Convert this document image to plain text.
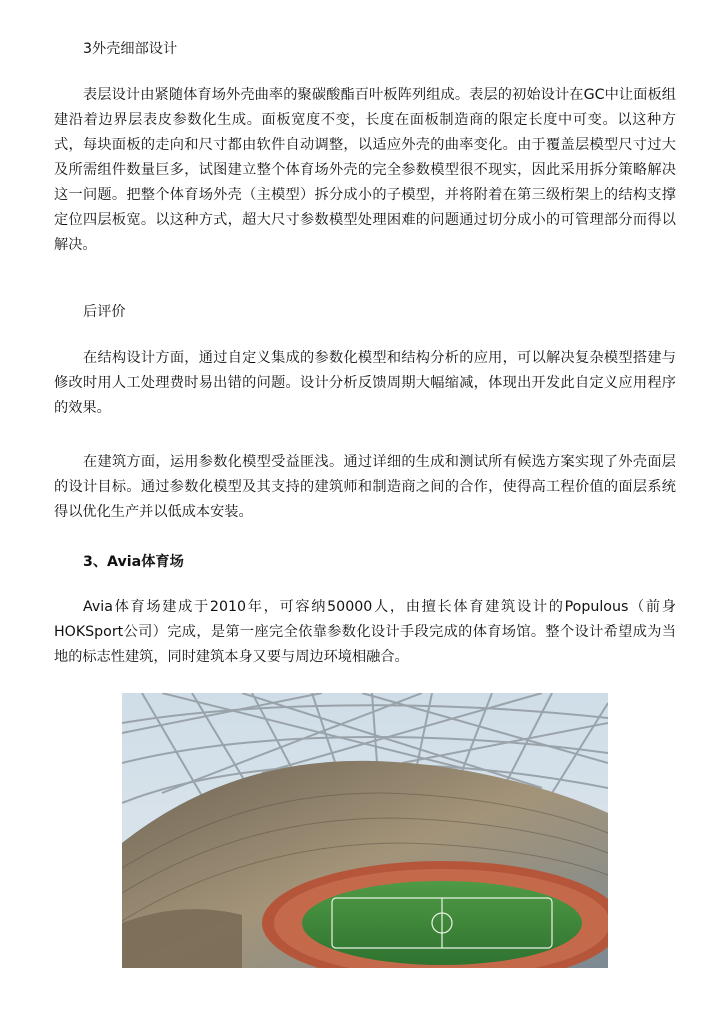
3外壳细部设计

表层设计由紧随体育场外壳曲率的聚碳酸酯百叶板阵列组成。表层的初始设计在GC中让面板组建沿着边界层表皮参数化生成。面板宽度不变，长度在面板制造商的限定长度中可变。以这种方式，每块面板的走向和尺寸都由软件自动调整，以适应外壳的曲率变化。由于覆盖层模型尺寸过大及所需组件数量巨多，试图建立整个体育场外壳的完全参数模型很不现实，因此采用拆分策略解决这一问题。把整个体育场外壳（主模型）拆分成小的子模型，并将附着在第三级桁架上的结构支撑定位四层板宽。以这种方式，超大尺寸参数模型处理困难的问题通过切分成小的可管理部分而得以解决。

后评价

在结构设计方面，通过自定义集成的参数化模型和结构分析的应用，可以解决复杂模型搭建与修改时用人工处理费时易出错的问题。设计分析反馈周期大幅缩减，体现出开发此自定义应用程序的效果。

在建筑方面，运用参数化模型受益匪浅。通过详细的生成和测试所有候选方案实现了外壳面层的设计目标。通过参数化模型及其支持的建筑师和制造商之间的合作，使得高工程价值的面层系统得以优化生产并以低成本安装。

3、Avia体育场

Avia体育场建成于2010年，可容纳50000人，由擅长体育建筑设计的Populous（前身HOKSport公司）完成，是第一座完全依靠参数化设计手段完成的体育场馆。整个设计希望成为当地的标志性建筑，同时建筑本身又要与周边环境相融合。
